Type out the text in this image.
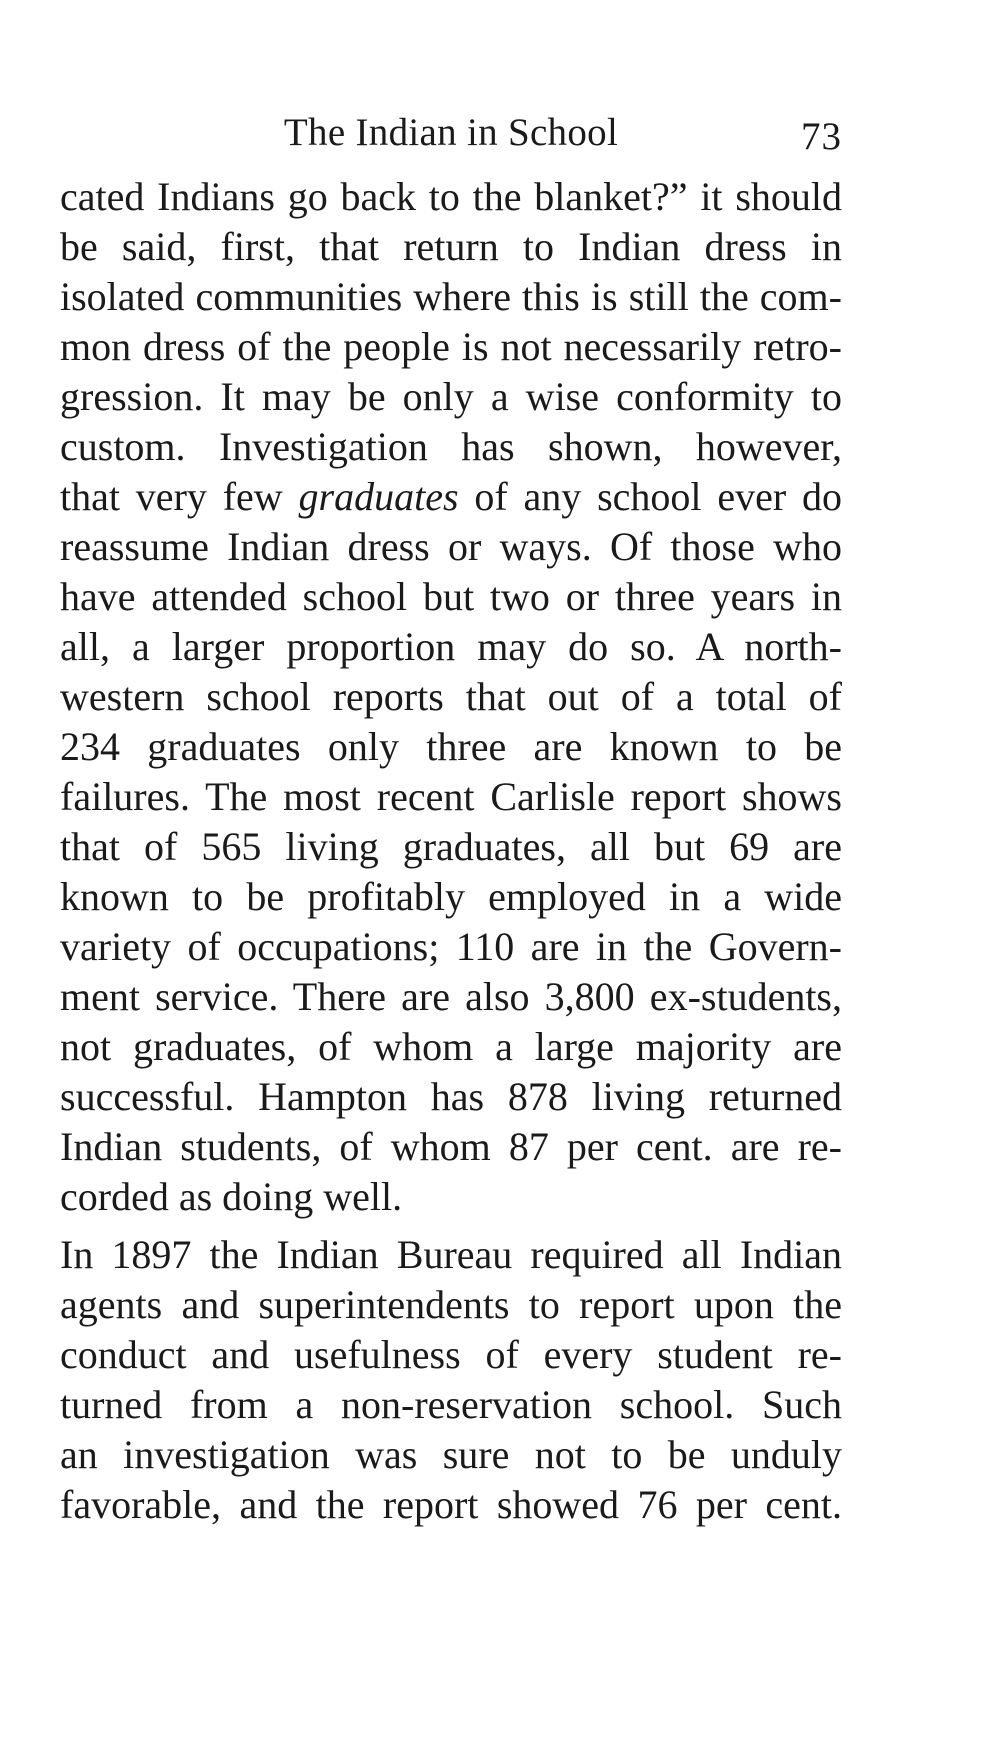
The Indian in School	73
cated Indians go back to the blanket?” it should
be said, first, that return to Indian dress in
isolated communities where this is still the com-
mon dress of the people is not necessarily retro-
gression. It may be only a wise conformity to
custom. Investigation has shown, however,
that very few graduates of any school ever do
reassume Indian dress or ways. Of those who
have attended school but two or three years in
all, a larger proportion may do so. A north-
western school reports that out of a total of
234 graduates only three are known to be
failures. The most recent Carlisle report shows
that of 565 living graduates, all but 69 are
known to be profitably employed in a wide
variety of occupations; 110 are in the Govern-
ment service. There are also 3,800 ex-students,
not graduates, of whom a large majority are
successful. Hampton has 878 living returned
Indian students, of whom 87 per cent. are re-
corded as doing well.
In 1897 the Indian Bureau required all Indian
agents and superintendents to report upon the
conduct and usefulness of every student re-
turned from a non-reservation school. Such
an investigation was sure not to be unduly
favorable, and the report showed 76 per cent.
